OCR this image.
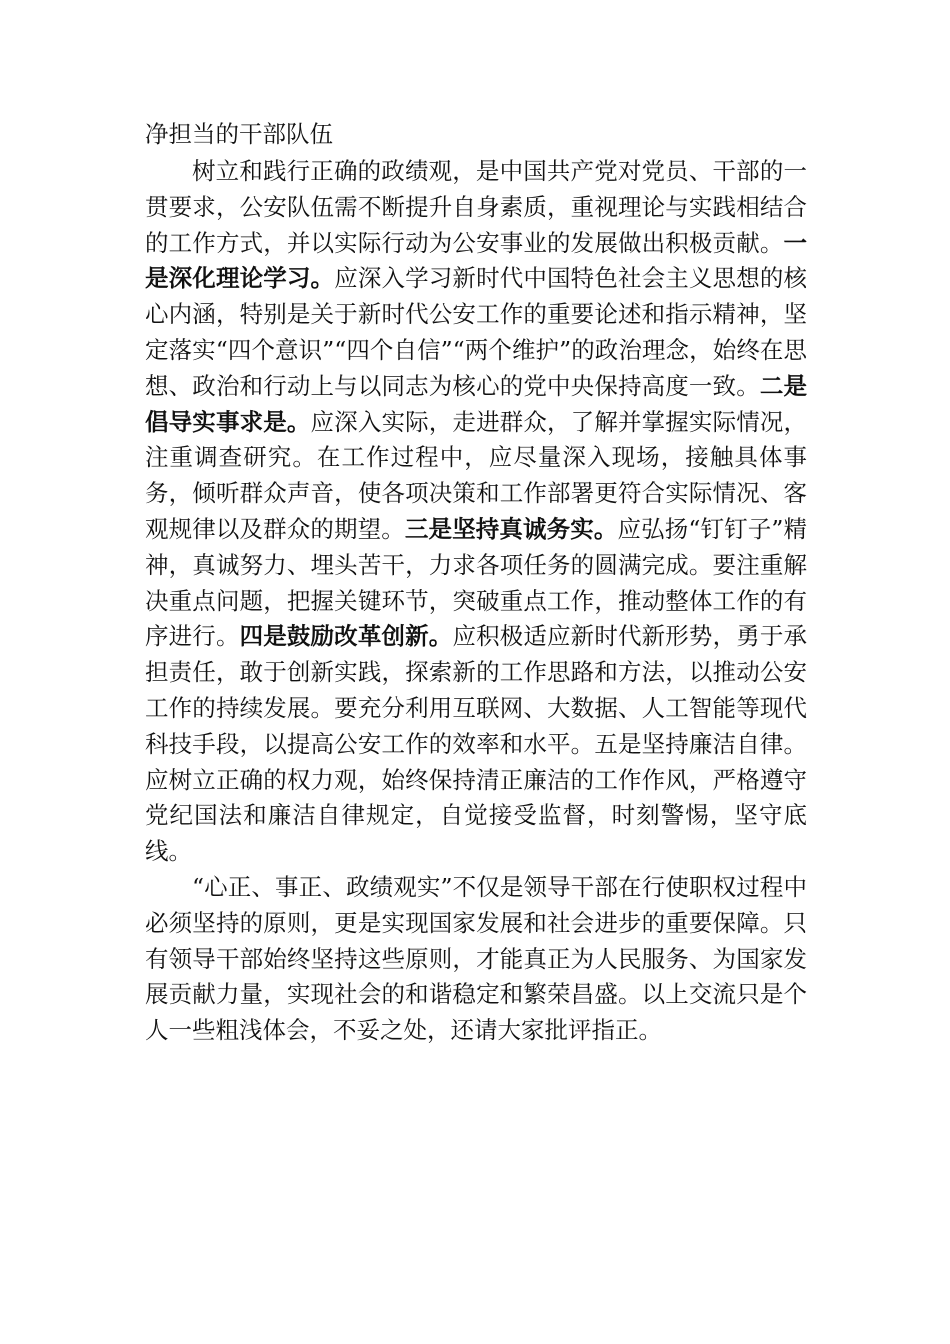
净担当的干部队伍

树立和践行正确的政绩观，是中国共产党对党员、干部的一贯要求，公安队伍需不断提升自身素质，重视理论与实践相结合的工作方式，并以实际行动为公安事业的发展做出积极贡献。一是深化理论学习。应深入学习新时代中国特色社会主义思想的核心内涵，特别是关于新时代公安工作的重要论述和指示精神，坚定落实“四个意识”“四个自信”“两个维护”的政治理念，始终在思想、政治和行动上与以同志为核心的党中央保持高度一致。二是倡导实事求是。应深入实际，走进群众，了解并掌握实际情况，注重调查研究。在工作过程中，应尽量深入现场，接触具体事务，倾听群众声音，使各项决策和工作部署更符合实际情况、客观规律以及群众的期望。三是坚持真诚务实。应弘扬“钉钉子”精神，真诚努力、埋头苦干，力求各项任务的圆满完成。要注重解决重点问题，把握关键环节，突破重点工作，推动整体工作的有序进行。四是鼓励改革创新。应积极适应新时代新形势，勇于承担责任，敢于创新实践，探索新的工作思路和方法，以推动公安工作的持续发展。要充分利用互联网、大数据、人工智能等现代科技手段，以提高公安工作的效率和水平。五是坚持廉洁自律。应树立正确的权力观，始终保持清正廉洁的工作作风，严格遵守党纪国法和廉洁自律规定，自觉接受监督，时刻警惕，坚守底线。

“心正、事正、政绩观实”不仅是领导干部在行使职权过程中必须坚持的原则，更是实现国家发展和社会进步的重要保障。只有领导干部始终坚持这些原则，才能真正为人民服务、为国家发展贡献力量，实现社会的和谐稳定和繁荣昌盛。以上交流只是个人一些粗浅体会，不妥之处，还请大家批评指正。
